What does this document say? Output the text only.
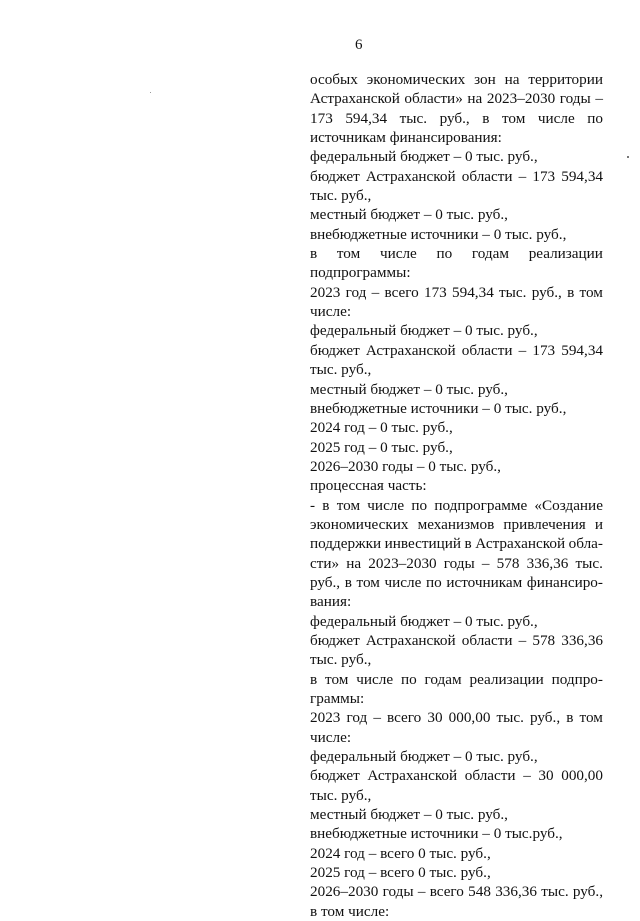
6
особых экономических зон на территории
Астраханской области» на 2023–2030 годы –
173 594,34 тыс. руб., в том числе по
источникам финансирования:
федеральный бюджет – 0 тыс. руб.,
бюджет Астраханской области – 173 594,34
тыс. руб.,
местный бюджет – 0 тыс. руб.,
внебюджетные источники – 0 тыс. руб.,
в том числе по годам реализации
подпрограммы:
2023 год – всего 173 594,34 тыс. руб., в том
числе:
федеральный бюджет – 0 тыс. руб.,
бюджет Астраханской области – 173 594,34
тыс. руб.,
местный бюджет – 0 тыс. руб.,
внебюджетные источники – 0 тыс. руб.,
2024 год – 0 тыс. руб.,
2025 год – 0 тыс. руб.,
2026–2030 годы – 0 тыс. руб.,
процессная часть:
- в том числе по подпрограмме «Создание
экономических механизмов привлечения и
поддержки инвестиций в Астраханской обла-
сти» на 2023–2030 годы – 578 336,36 тыс.
руб., в том числе по источникам финансиро-
вания:
федеральный бюджет – 0 тыс. руб.,
бюджет Астраханской области – 578 336,36
тыс. руб.,
в том числе по годам реализации подпро-
граммы:
2023 год – всего 30 000,00 тыс. руб., в том
числе:
федеральный бюджет – 0 тыс. руб.,
бюджет Астраханской области – 30 000,00
тыс. руб.,
местный бюджет – 0 тыс. руб.,
внебюджетные источники – 0 тыс.руб.,
2024 год – всего 0 тыс. руб.,
2025 год – всего 0 тыс. руб.,
2026–2030 годы – всего 548 336,36 тыс. руб.,
в том числе:
